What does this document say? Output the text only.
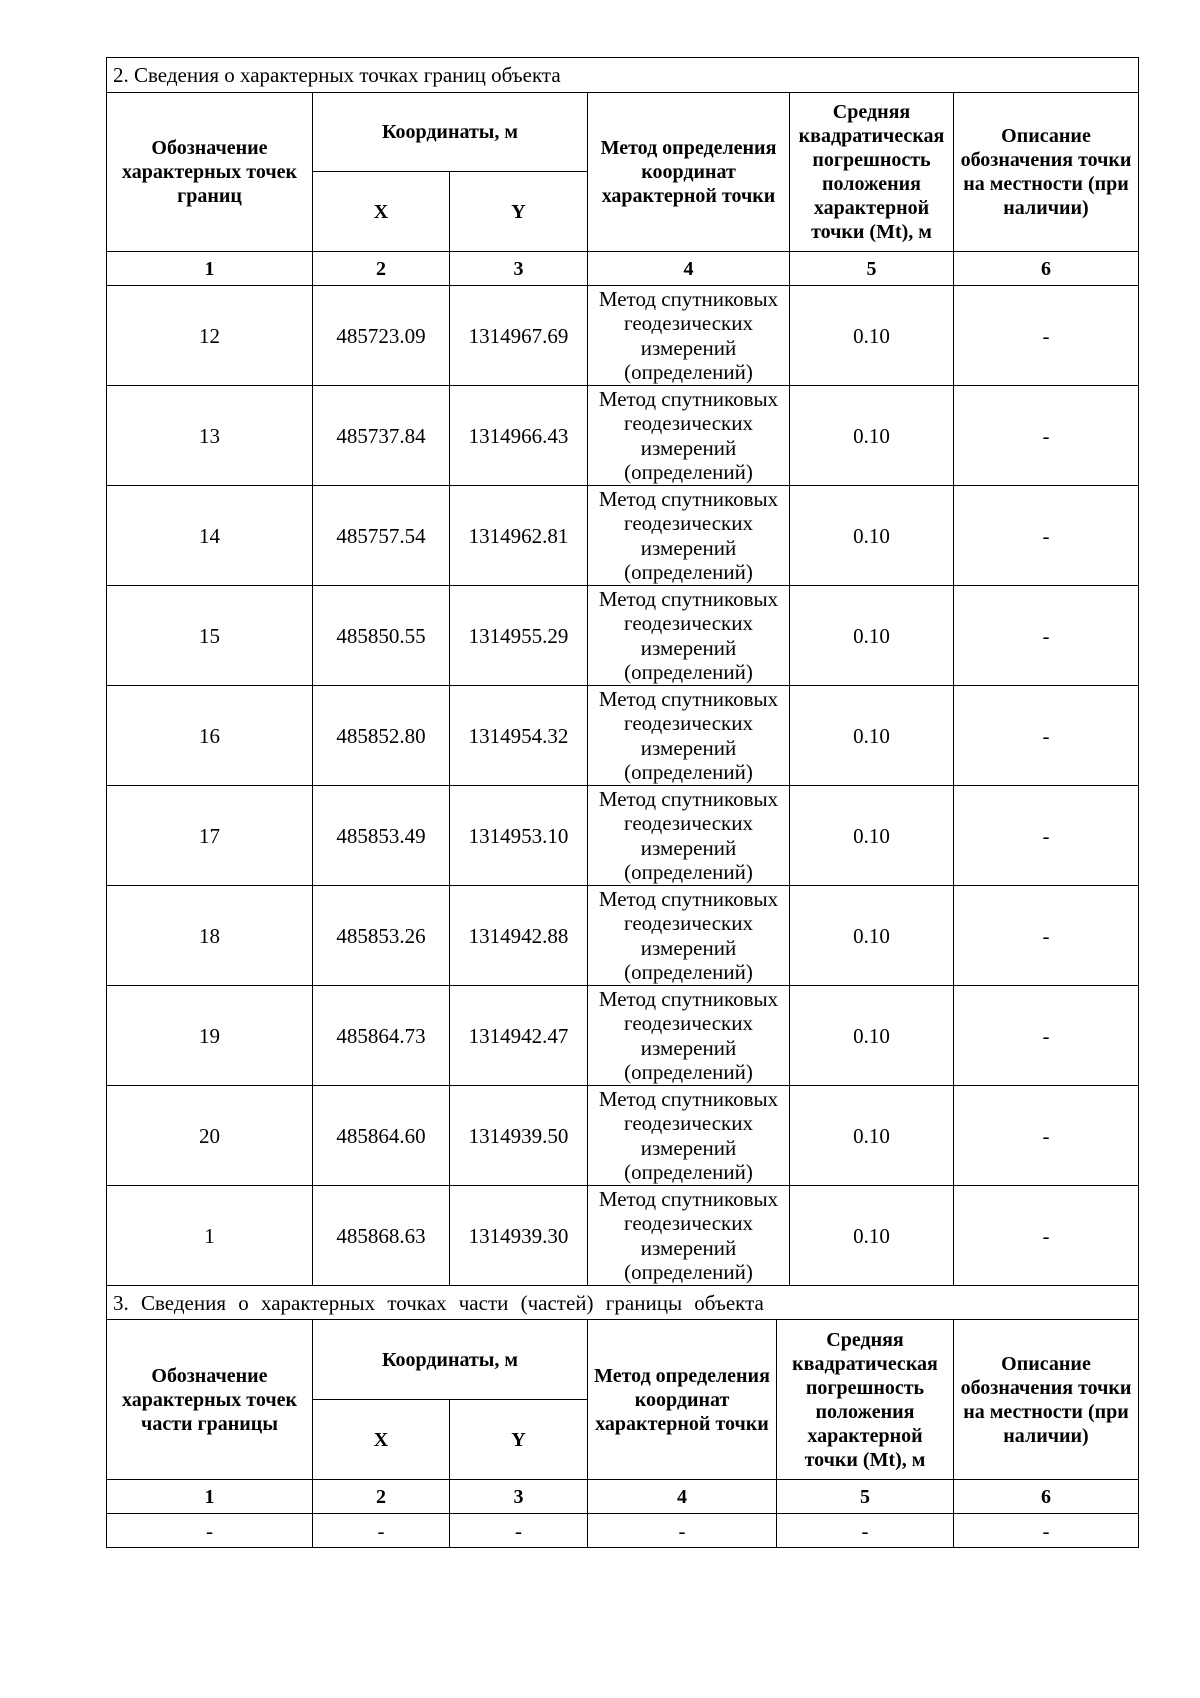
2. Сведения о характерных точках границ объекта					
Обозначение характерных точек границ	Координаты, м		Метод определения координат характерной точки	Средняя квадратическая погрешность положения характерной точки (Mt), м	Описание обозначения точки на местности (при наличии)
	X	Y			
1	2	3	4	5	6
12	485723.09	1314967.69	Метод спутниковых геодезических измерений (определений)	0.10	-
13	485737.84	1314966.43	Метод спутниковых геодезических измерений (определений)	0.10	-
14	485757.54	1314962.81	Метод спутниковых геодезических измерений (определений)	0.10	-
15	485850.55	1314955.29	Метод спутниковых геодезических измерений (определений)	0.10	-
16	485852.80	1314954.32	Метод спутниковых геодезических измерений (определений)	0.10	-
17	485853.49	1314953.10	Метод спутниковых геодезических измерений (определений)	0.10	-
18	485853.26	1314942.88	Метод спутниковых геодезических измерений (определений)	0.10	-
19	485864.73	1314942.47	Метод спутниковых геодезических измерений (определений)	0.10	-
20	485864.60	1314939.50	Метод спутниковых геодезических измерений (определений)	0.10	-
1	485868.63	1314939.30	Метод спутниковых геодезических измерений (определений)	0.10	-
3. Сведения о характерных точках части (частей) границы объекта					
Обозначение характерных точек части границы	Координаты, м		Метод определения координат характерной точки	Средняя квадратическая погрешность положения характерной точки (Mt), м	Описание обозначения точки на местности (при наличии)
	X	Y			
1	2	3	4	5	6
-	-	-	-	-	-
